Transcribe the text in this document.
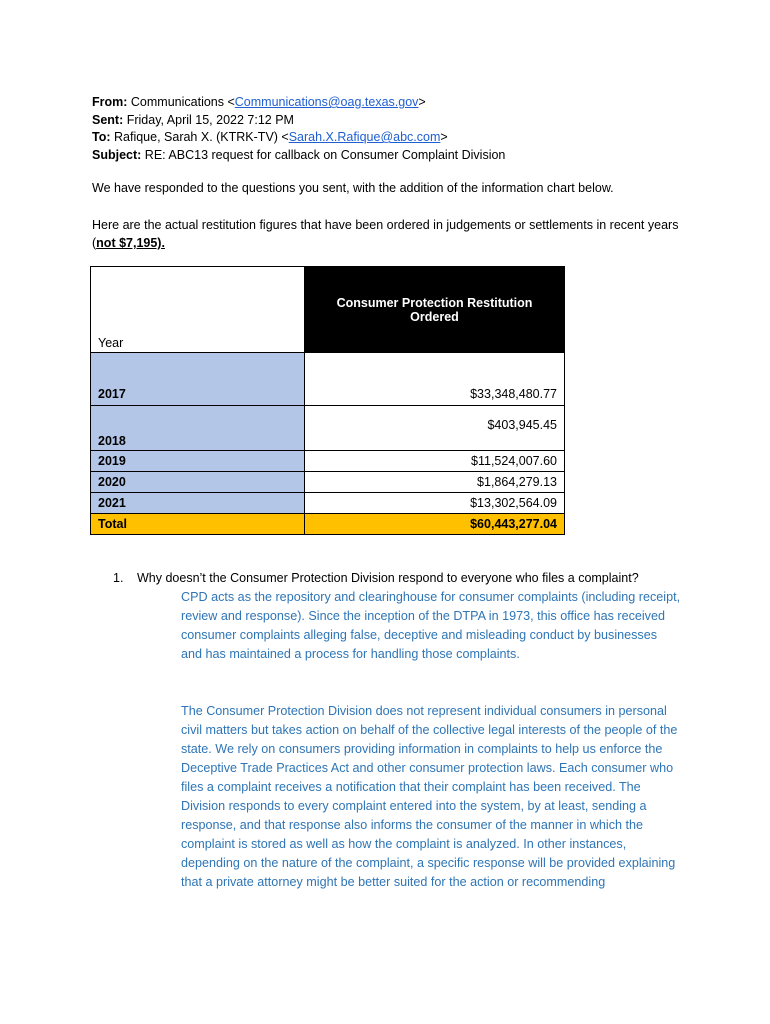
From: Communications <Communications@oag.texas.gov>
Sent: Friday, April 15, 2022 7:12 PM
To: Rafique, Sarah X. (KTRK-TV) <Sarah.X.Rafique@abc.com>
Subject: RE: ABC13 request for callback on Consumer Complaint Division
We have responded to the questions you sent, with the addition of the information chart below.
Here are the actual restitution figures that have been ordered in judgements or settlements in recent years (not $7,195).
Year	Consumer Protection Restitution Ordered
2017	$33,348,480.77
2018	$403,945.45
2019	$11,524,007.60
2020	$1,864,279.13
2021	$13,302,564.09
Total	$60,443,277.04
1. Why doesn’t the Consumer Protection Division respond to everyone who files a complaint?
CPD acts as the repository and clearinghouse for consumer complaints (including receipt, review and response). Since the inception of the DTPA in 1973, this office has received consumer complaints alleging false, deceptive and misleading conduct by businesses and has maintained a process for handling those complaints.
The Consumer Protection Division does not represent individual consumers in personal civil matters but takes action on behalf of the collective legal interests of the people of the state. We rely on consumers providing information in complaints to help us enforce the Deceptive Trade Practices Act and other consumer protection laws. Each consumer who files a complaint receives a notification that their complaint has been received. The Division responds to every complaint entered into the system, by at least, sending a response, and that response also informs the consumer of the manner in which the complaint is stored as well as how the complaint is analyzed. In other instances, depending on the nature of the complaint, a specific response will be provided explaining that a private attorney might be better suited for the action or recommending
